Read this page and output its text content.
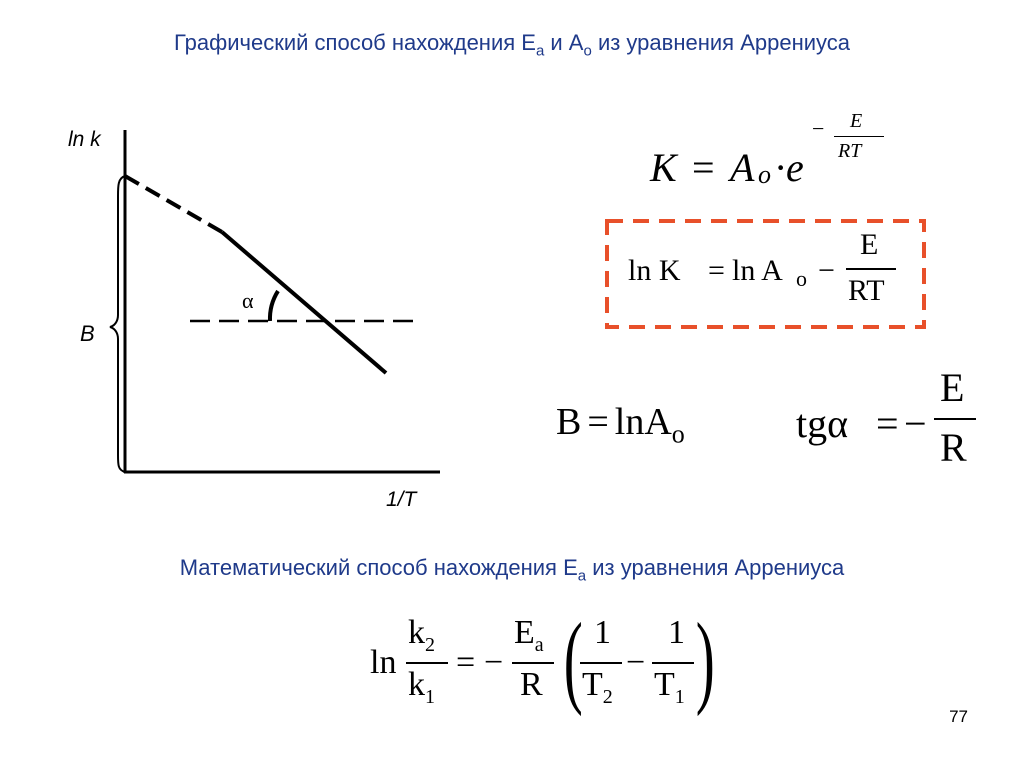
Графический способ нахождения $E_a$ и $A_o$ из уравнения Аррениуса
α
ln k
1/T
B
K = A o ·
e
− E
RT
ln K = ln A o −
E
RT
B = lnA$_o$	tgα = −
E
R
Математический способ нахождения $E_a$ из уравнения Аррениуса
ln
$k_2$
$k_1$
= −
$E_a$
R ( 1
$T_2$
−
1
$T_1$ )	77
